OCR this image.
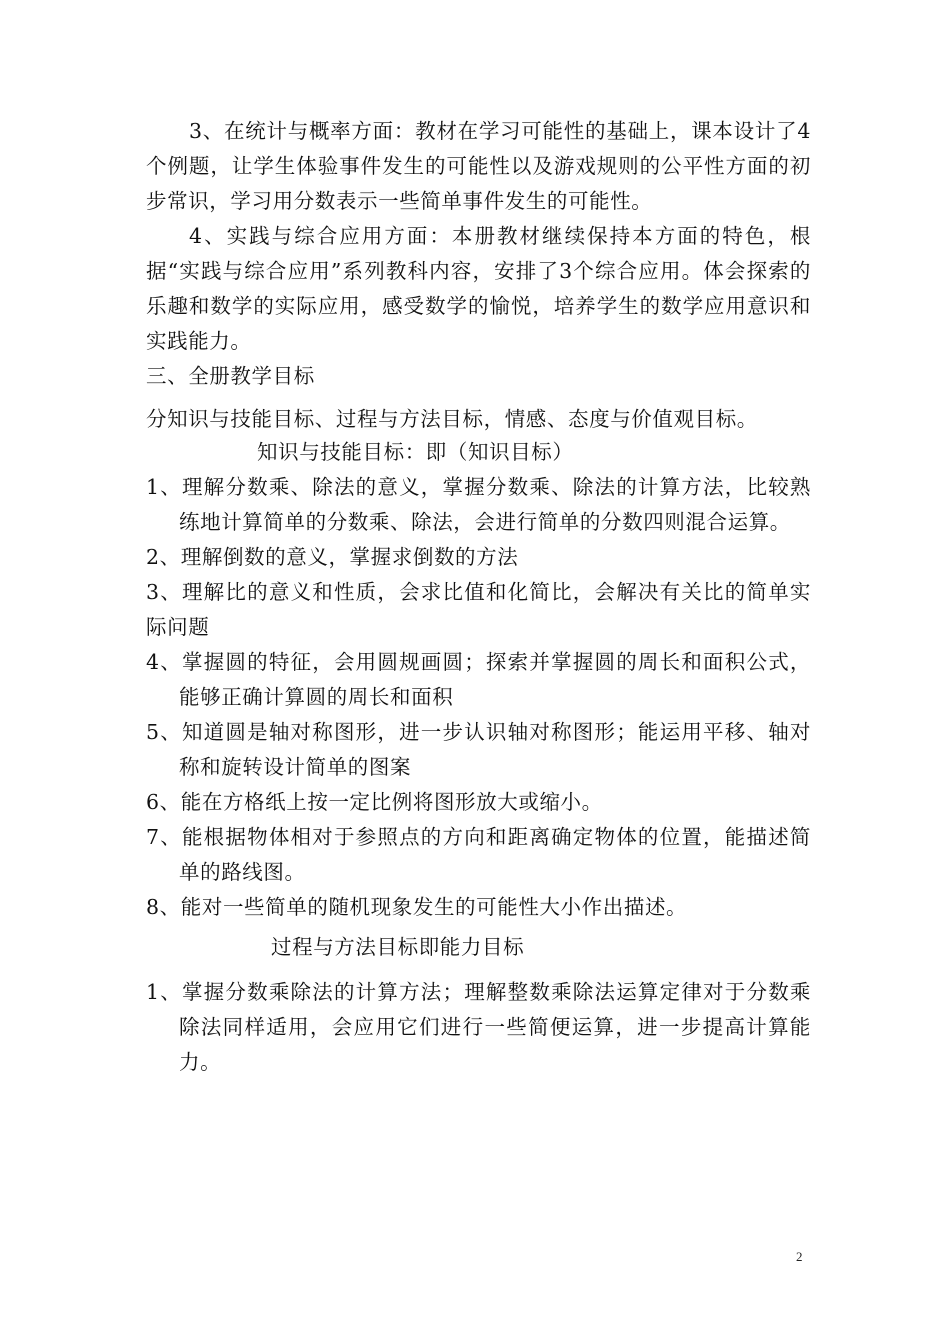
3、在统计与概率方面：教材在学习可能性的基础上，课本设计了4个例题，让学生体验事件发生的可能性以及游戏规则的公平性方面的初步常识，学习用分数表示一些简单事件发生的可能性。

4、实践与综合应用方面：本册教材继续保持本方面的特色，根据“实践与综合应用”系列教科内容，安排了3个综合应用。体会探索的乐趣和数学的实际应用，感受数学的愉悦，培养学生的数学应用意识和实践能力。

三、全册教学目标

分知识与技能目标、过程与方法目标，情感、态度与价值观目标。

知识与技能目标：即（知识目标）

1、理解分数乘、除法的意义，掌握分数乘、除法的计算方法，比较熟练地计算简单的分数乘、除法，会进行简单的分数四则混合运算。

2、理解倒数的意义，掌握求倒数的方法

3、理解比的意义和性质，会求比值和化简比，会解决有关比的简单实际问题

4、掌握圆的特征，会用圆规画圆；探索并掌握圆的周长和面积公式，能够正确计算圆的周长和面积

5、知道圆是轴对称图形，进一步认识轴对称图形；能运用平移、轴对称和旋转设计简单的图案

6、能在方格纸上按一定比例将图形放大或缩小。

7、能根据物体相对于参照点的方向和距离确定物体的位置，能描述简单的路线图。

8、能对一些简单的随机现象发生的可能性大小作出描述。

过程与方法目标即能力目标

1、掌握分数乘除法的计算方法；理解整数乘除法运算定律对于分数乘除法同样适用，会应用它们进行一些简便运算，进一步提高计算能力。

2
